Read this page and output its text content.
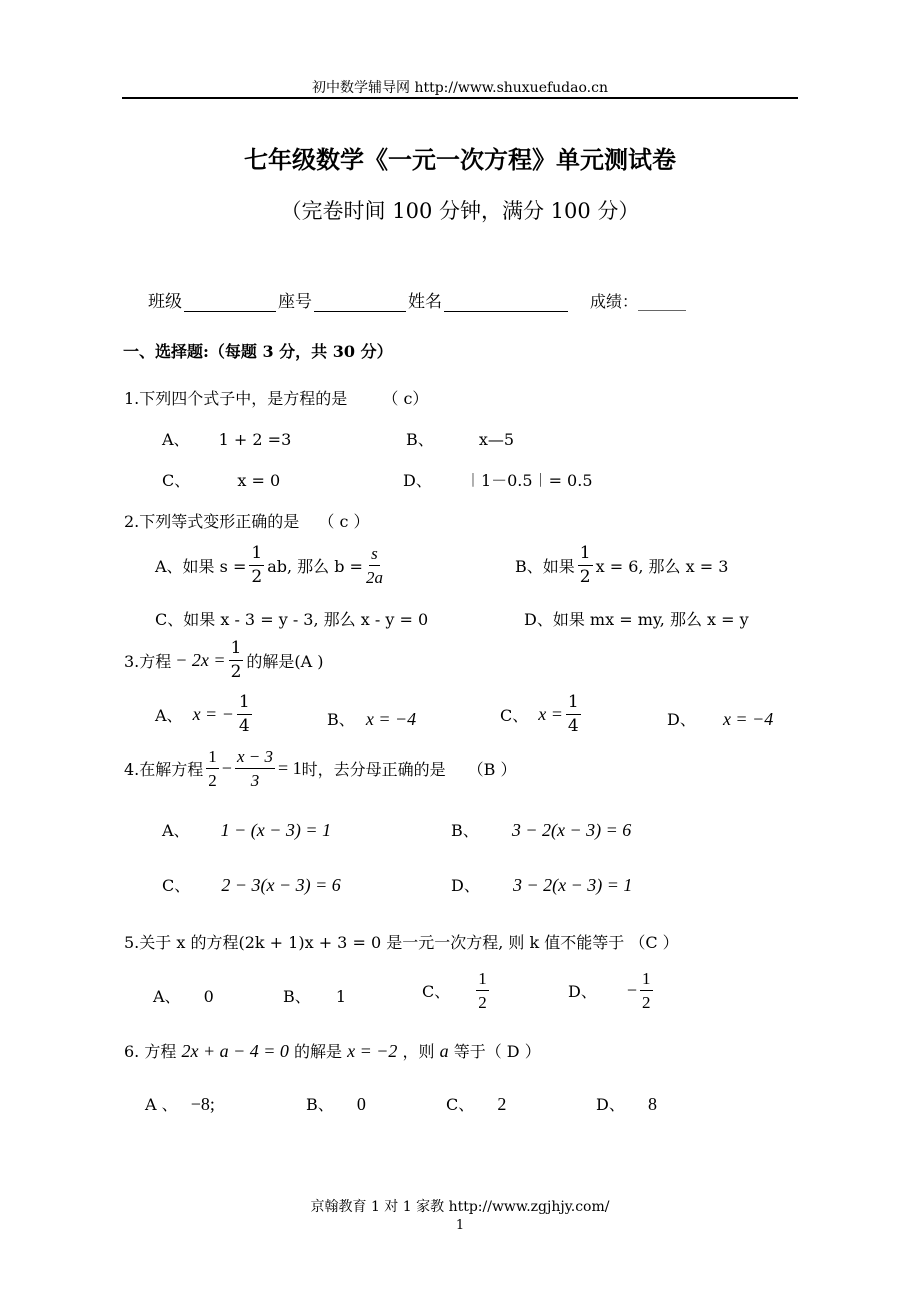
初中数学辅导网 http://www.shuxuefudao.cn
七年级数学《一元一次方程》单元测试卷
（完卷时间 100 分钟，满分 100 分）
班级	座号	姓名	成绩：______
一、选择题:（每题 3 分，共 30 分）
1.下列四个式子中，是方程的是 （ c）
A、 1 + 2 =3	B、	x—5
C、	x = 0	D、 ︱1－0.5︱= 0.5
2.下列等式变形正确的是 （ c ）
A、如果 $s = \frac{1}{2}$ ab, 那么 $b = \frac{s}{2a}$	B、如果 $\frac{1}{2}$ x = 6, 那么 x = 3
C、如果 x - 3 = y - 3, 那么 x - y = 0	D、如果 mx = my, 那么 x = y
3.方程 − $2x = \frac{1}{2}$ 的解是(A )
A、 x = − $\frac{1}{4}$	B、 x = −4	C、 $x = \frac{1}{4}$	D、 x = −4
4.在解方程 $\frac{1}{2} - \frac{x - 3}{3} = 1$ 时，去分母正确的是 （B ）
A、 1 − (x − 3) = 1	B、 3 − 2(x − 3) = 6
C、 2 − 3(x − 3) = 6	D、 3 − 2(x − 3) = 1
5.关于 x 的方程(2k + 1)x + 3 = 0 是一元一次方程, 则 k 值不能等于 （C ）
A、 0	B、 1	C、 $\frac{1}{2}$	D、 − $\frac{1}{2}$
6. 方程 2x + a − 4 = 0 的解是 x = −2 ，则 a 等于（ D ）
A 、 −8;	B、 0	C、 2	D、 8
京翰教育 1 对 1 家教 http://www.zgjhjy.com/
1
